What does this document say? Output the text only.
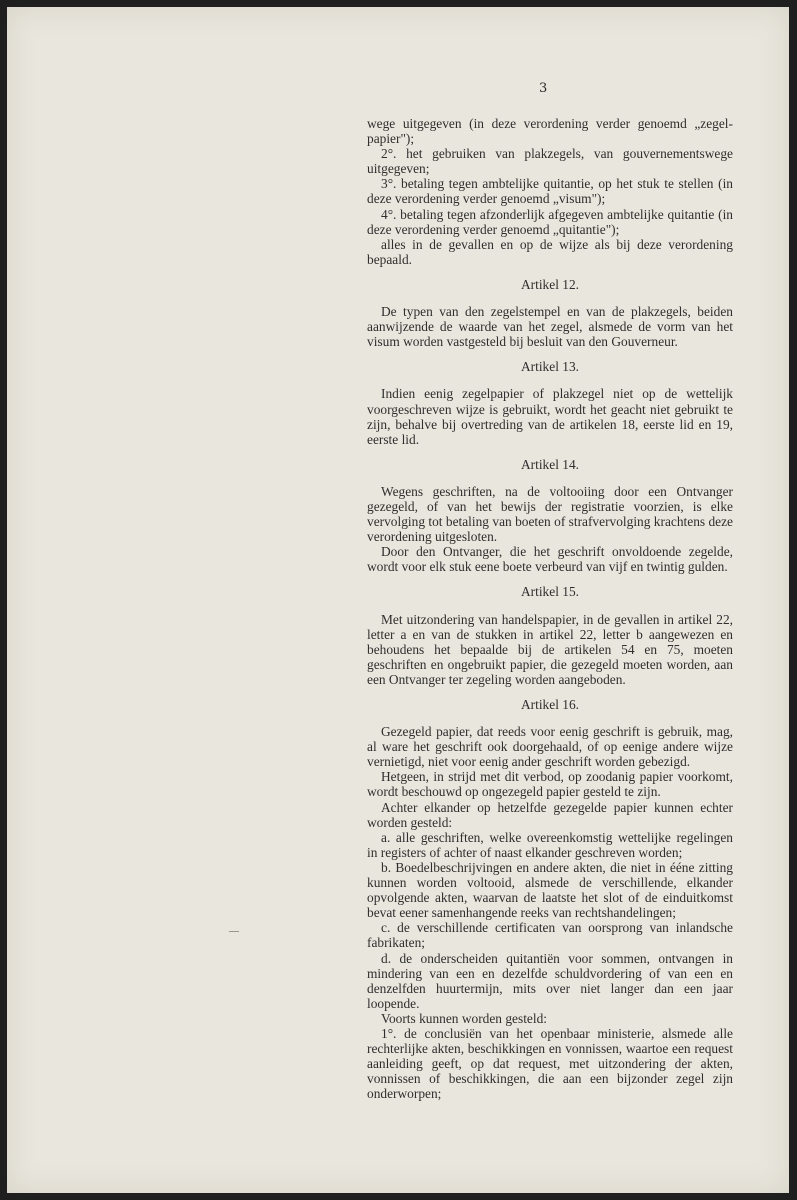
3

wege uitgegeven (in deze verordening verder genoemd „zegel-papier");

2°. het gebruiken van plakzegels, van gouvernementswege uitgegeven;

3°. betaling tegen ambtelijke quitantie, op het stuk te stellen (in deze verordening verder genoemd „visum");

4°. betaling tegen afzonderlijk afgegeven ambtelijke quitantie (in deze verordening verder genoemd „quitantie");

alles in de gevallen en op de wijze als bij deze verordening bepaald.

Artikel 12.

De typen van den zegelstempel en van de plakzegels, beiden aanwijzende de waarde van het zegel, alsmede de vorm van het visum worden vastgesteld bij besluit van den Gouverneur.

Artikel 13.

Indien eenig zegelpapier of plakzegel niet op de wettelijk voorgeschreven wijze is gebruikt, wordt het geacht niet gebruikt te zijn, behalve bij overtreding van de artikelen 18, eerste lid en 19, eerste lid.

Artikel 14.

Wegens geschriften, na de voltooiing door een Ontvanger gezegeld, of van het bewijs der registratie voorzien, is elke vervolging tot betaling van boeten of strafvervolging krachtens deze verordening uitgesloten.

Door den Ontvanger, die het geschrift onvoldoende zegelde, wordt voor elk stuk eene boete verbeurd van vijf en twintig gulden.

Artikel 15.

Met uitzondering van handelspapier, in de gevallen in artikel 22, letter a en van de stukken in artikel 22, letter b aangewezen en behoudens het bepaalde bij de artikelen 54 en 75, moeten geschriften en ongebruikt papier, die gezegeld moeten worden, aan een Ontvanger ter zegeling worden aangeboden.

Artikel 16.

Gezegeld papier, dat reeds voor eenig geschrift is gebruik, mag, al ware het geschrift ook doorgehaald, of op eenige andere wijze vernietigd, niet voor eenig ander geschrift worden gebezigd.

Hetgeen, in strijd met dit verbod, op zoodanig papier voorkomt, wordt beschouwd op ongezegeld papier gesteld te zijn.

Achter elkander op hetzelfde gezegelde papier kunnen echter worden gesteld:

a. alle geschriften, welke overeenkomstig wettelijke regelingen in registers of achter of naast elkander geschreven worden;

b. Boedelbeschrijvingen en andere akten, die niet in ééne zitting kunnen worden voltooid, alsmede de verschillende, elkander opvolgende akten, waarvan de laatste het slot of de einduitkomst bevat eener samenhangende reeks van rechtshandelingen;

c. de verschillende certificaten van oorsprong van inlandsche fabrikaten;

d. de onderscheiden quitantiën voor sommen, ontvangen in mindering van een en dezelfde schuldvordering of van een en denzelfden huurtermijn, mits over niet langer dan een jaar loopende.

Voorts kunnen worden gesteld:

1°. de conclusiën van het openbaar ministerie, alsmede alle rechterlijke akten, beschikkingen en vonnissen, waartoe een request aanleiding geeft, op dat request, met uitzondering der akten, vonnissen of beschikkingen, die aan een bijzonder zegel zijn onderworpen;
